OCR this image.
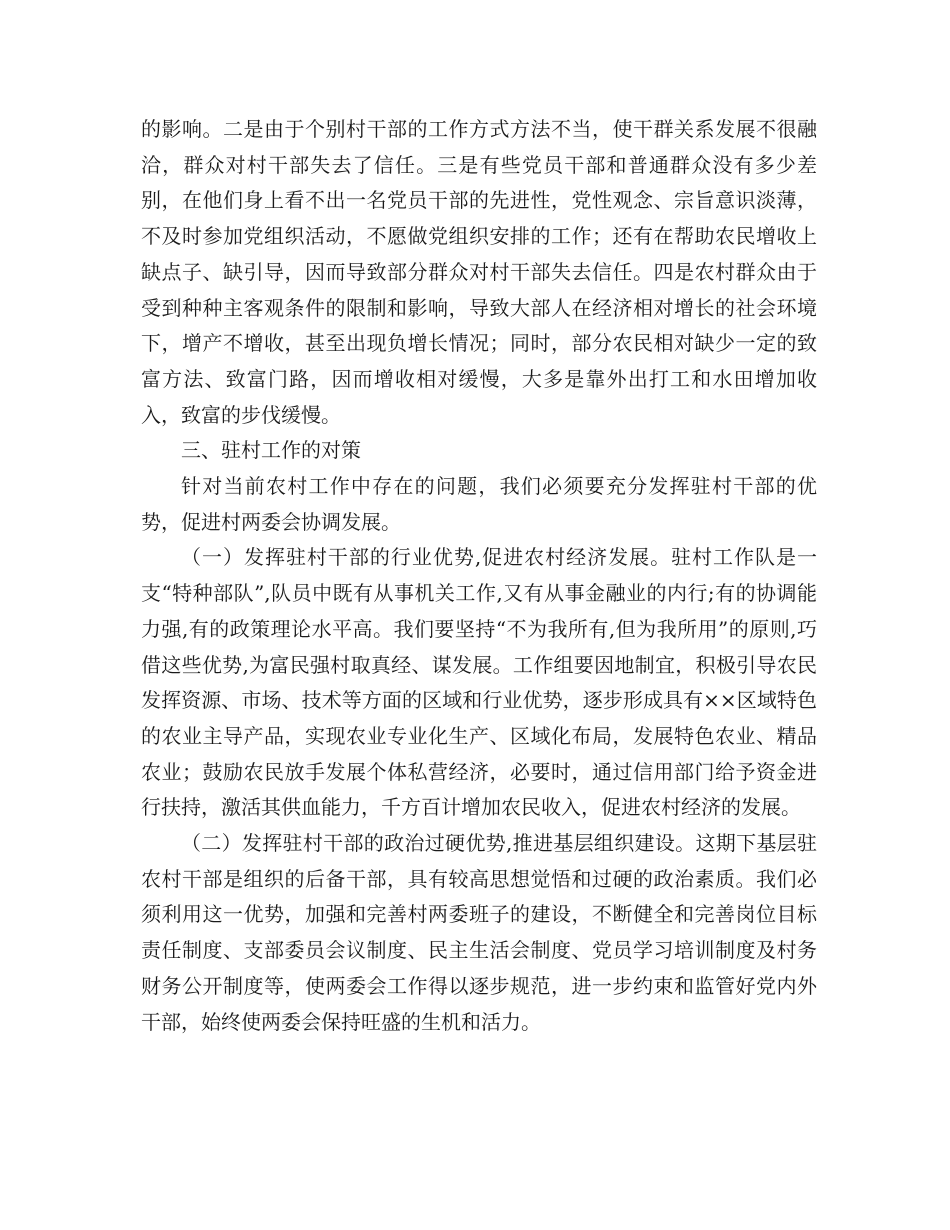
的影响。二是由于个别村干部的工作方式方法不当，使干群关系发展不很融洽，群众对村干部失去了信任。三是有些党员干部和普通群众没有多少差别，在他们身上看不出一名党员干部的先进性，党性观念、宗旨意识淡薄，不及时参加党组织活动，不愿做党组织安排的工作；还有在帮助农民增收上缺点子、缺引导，因而导致部分群众对村干部失去信任。四是农村群众由于受到种种主客观条件的限制和影响，导致大部人在经济相对增长的社会环境下，增产不增收，甚至出现负增长情况；同时，部分农民相对缺少一定的致富方法、致富门路，因而增收相对缓慢，大多是靠外出打工和水田增加收入，致富的步伐缓慢。

三、驻村工作的对策

针对当前农村工作中存在的问题，我们必须要充分发挥驻村干部的优势，促进村两委会协调发展。

（一）发挥驻村干部的行业优势,促进农村经济发展。驻村工作队是一支“特种部队”,队员中既有从事机关工作,又有从事金融业的内行;有的协调能力强,有的政策理论水平高。我们要坚持“不为我所有,但为我所用”的原则,巧借这些优势,为富民强村取真经、谋发展。工作组要因地制宜，积极引导农民发挥资源、市场、技术等方面的区域和行业优势，逐步形成具有××区域特色的农业主导产品，实现农业专业化生产、区域化布局，发展特色农业、精品农业；鼓励农民放手发展个体私营经济，必要时，通过信用部门给予资金进行扶持，激活其供血能力，千方百计增加农民收入，促进农村经济的发展。

（二）发挥驻村干部的政治过硬优势,推进基层组织建设。这期下基层驻农村干部是组织的后备干部，具有较高思想觉悟和过硬的政治素质。我们必须利用这一优势，加强和完善村两委班子的建设，不断健全和完善岗位目标责任制度、支部委员会议制度、民主生活会制度、党员学习培训制度及村务财务公开制度等，使两委会工作得以逐步规范，进一步约束和监管好党内外干部，始终使两委会保持旺盛的生机和活力。
